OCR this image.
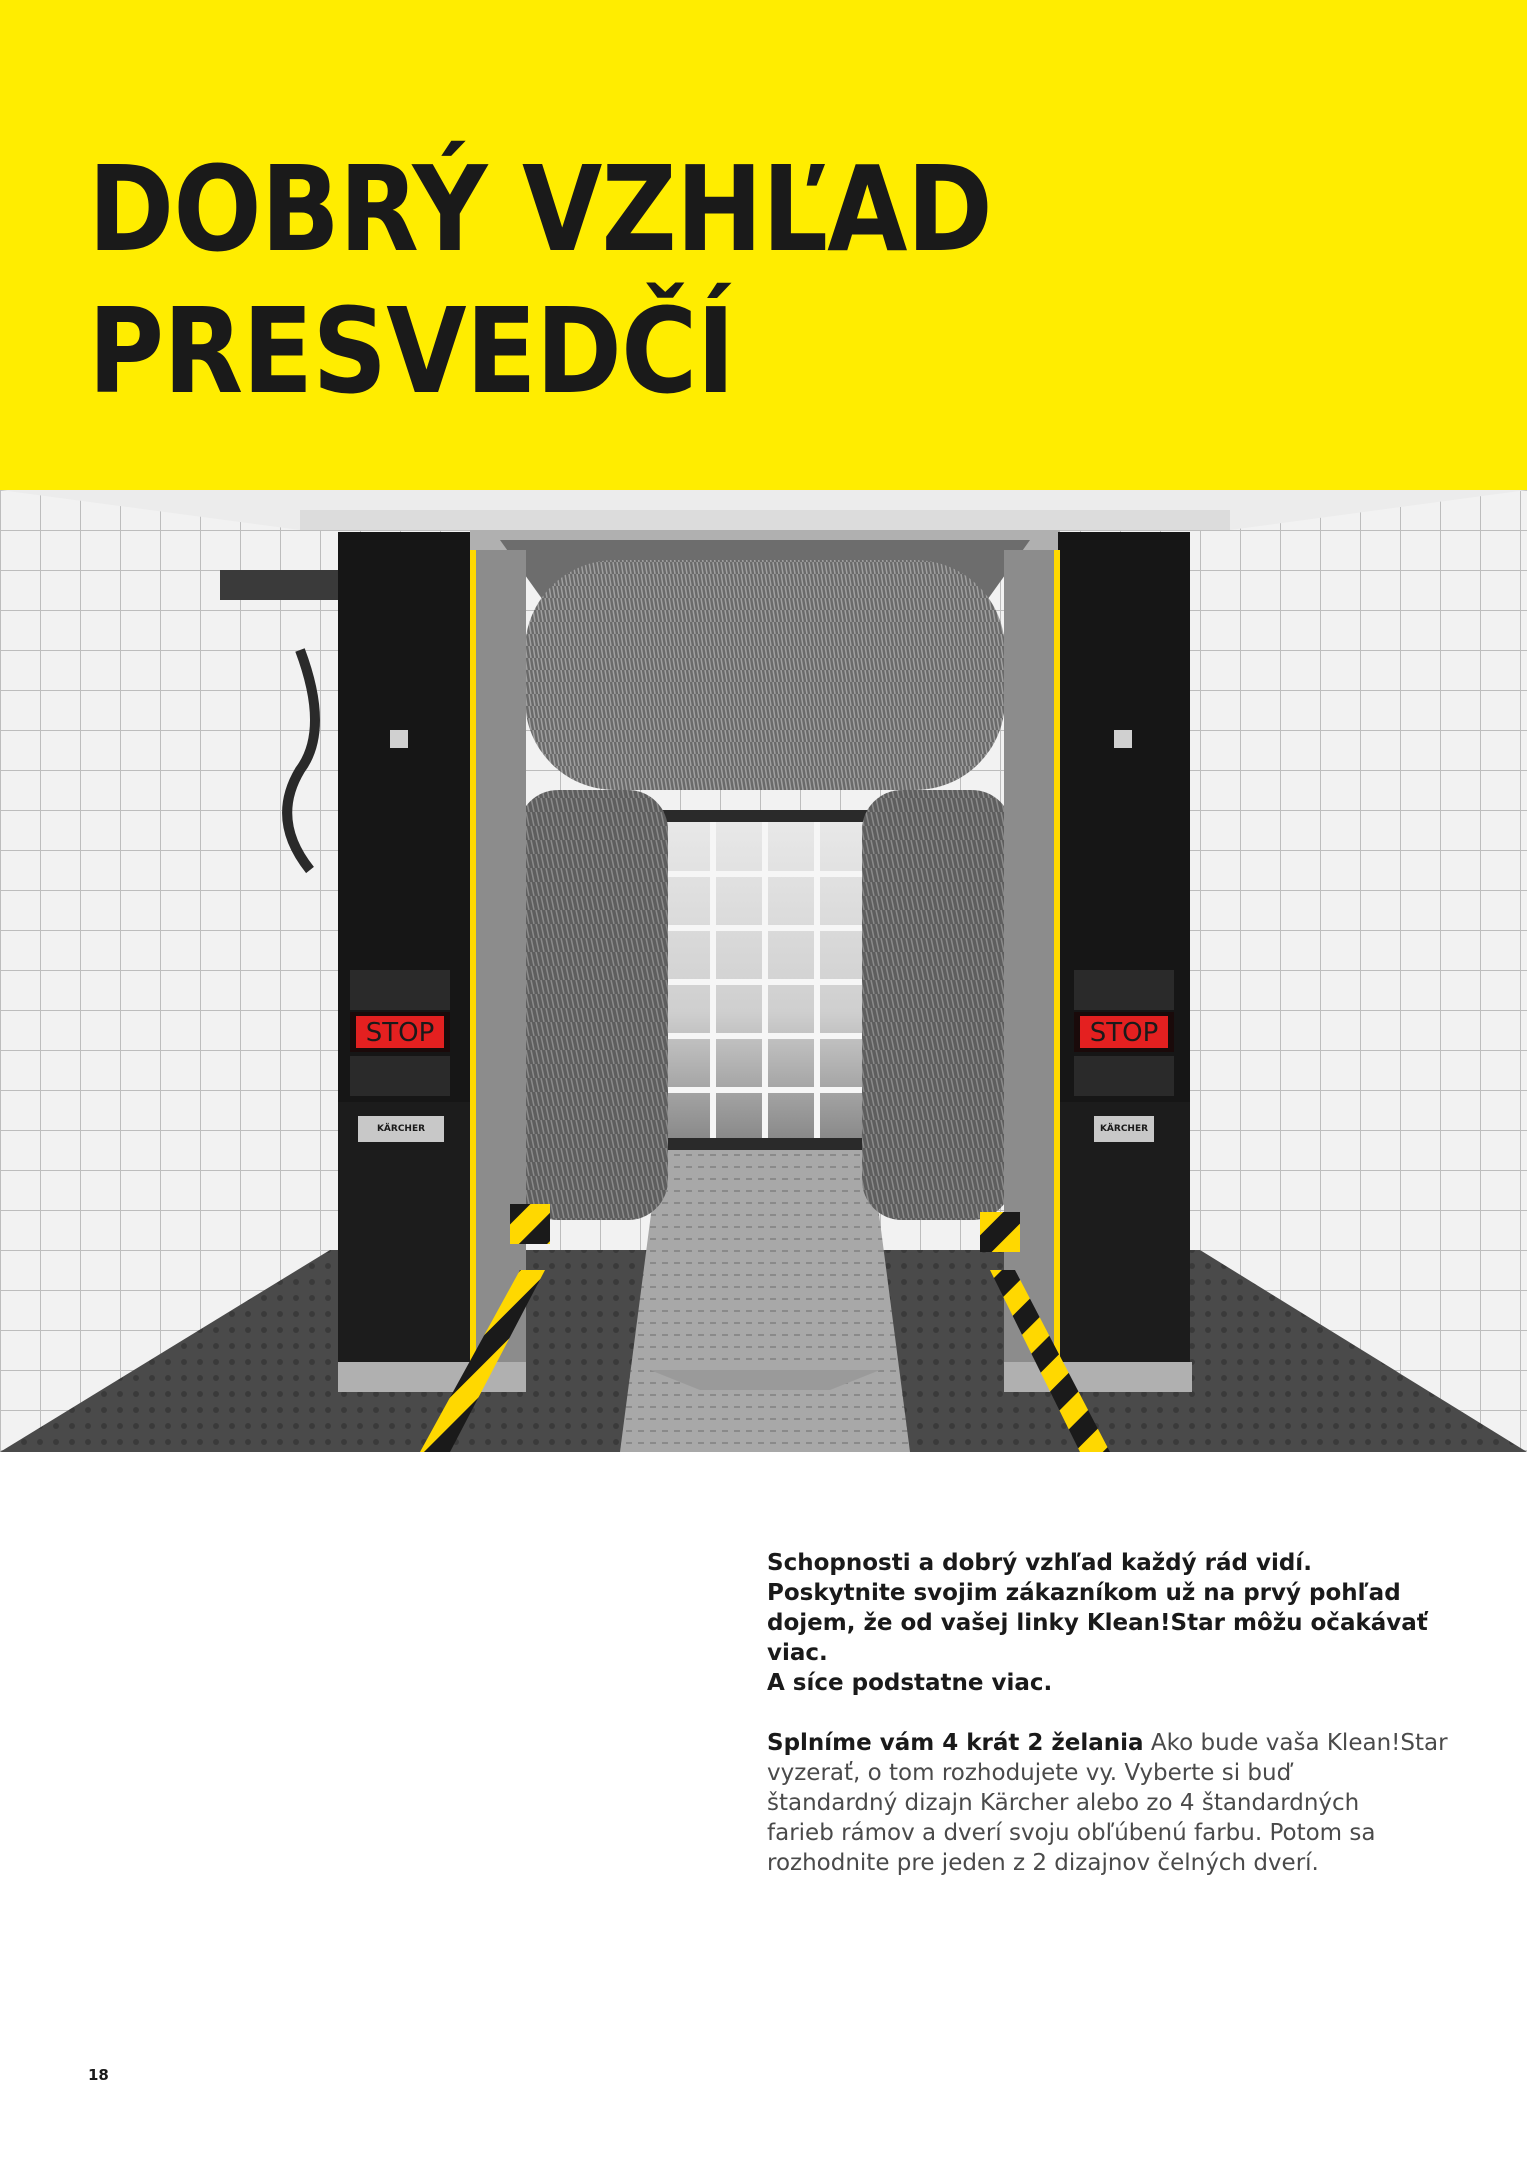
DOBRÝ VZHĽAD
PRESVEDČÍ
STOP
KÄRCHER
STOP
KÄRCHER

Schopnosti a dobrý vzhľad každý rád vidí.
Poskytnite svojim zákazníkom už na prvý pohľad
dojem, že od vašej linky Klean!Star môžu očakávať viac.
A síce podstatne viac.

Splníme vám 4 krát 2 želania Ako bude vaša Klean!Star
vyzerať, o tom rozhodujete vy. Vyberte si buď
štandardný dizajn Kärcher alebo zo 4 štandardných
farieb rámov a dverí svoju obľúbenú farbu. Potom sa
rozhodnite pre jeden z 2 dizajnov čelných dverí.

18
